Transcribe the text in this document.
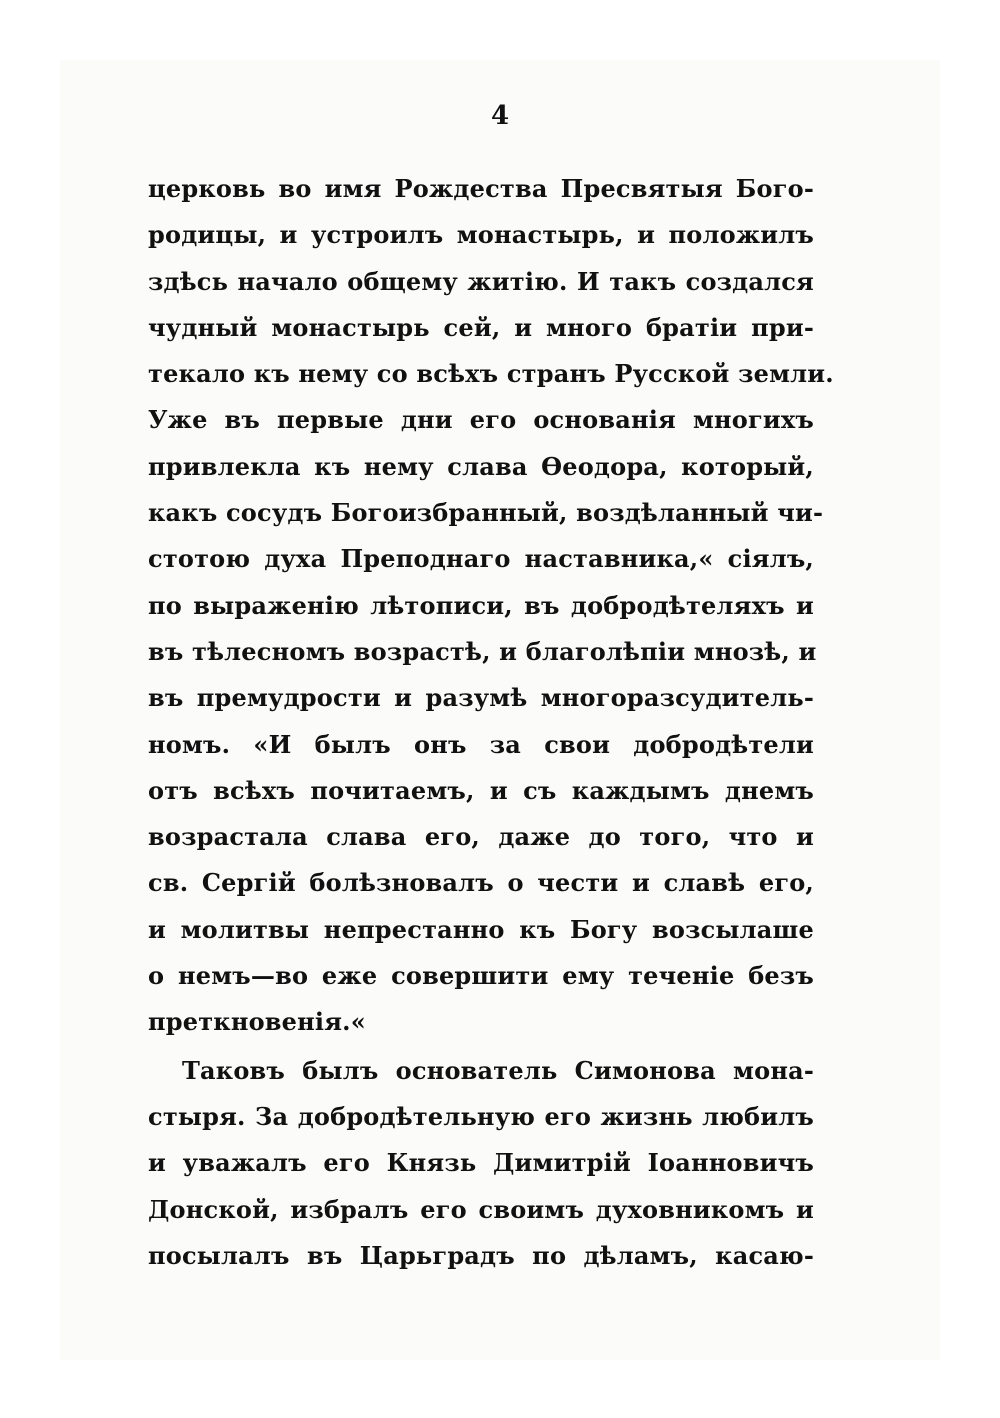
4
церковь во имя Рождества Пресвятыя Бого-
родицы, и устроилъ монастырь, и положилъ
здѣсь начало общему житiю. И такъ создался
чудный монастырь сей, и много братiи при-
текало къ нему со всѣхъ странъ Русской земли.
Уже въ первые дни его основанiя многихъ
привлекла къ нему слава Ѳеодора, который,
какъ сосудъ Богоизбранный, воздѣланный чи-
стотою духа Преподнаго наставника,« сiялъ,
по выраженiю лѣтописи, въ добродѣтеляхъ и
въ тѣлесномъ возрастѣ, и благолѣпiи мнозѣ, и
въ премудрости и разумѣ многоразсудитель-
номъ. «И былъ онъ за свои добродѣтели
отъ всѣхъ почитаемъ, и съ каждымъ днемъ
возрастала слава его, даже до того, что и
св. Сергiй болѣзновалъ о чести и славѣ его,
и молитвы непрестанно къ Богу возсылаше
о немъ—во еже совершити ему теченiе безъ
преткновенiя.«
Таковъ былъ основатель Симонова мона-
стыря. За добродѣтельную его жизнь любилъ
и уважалъ его Князь Димитрiй Iоанновичъ
Донской, избралъ его своимъ духовникомъ и
посылалъ въ Царьградъ по дѣламъ, касаю-
